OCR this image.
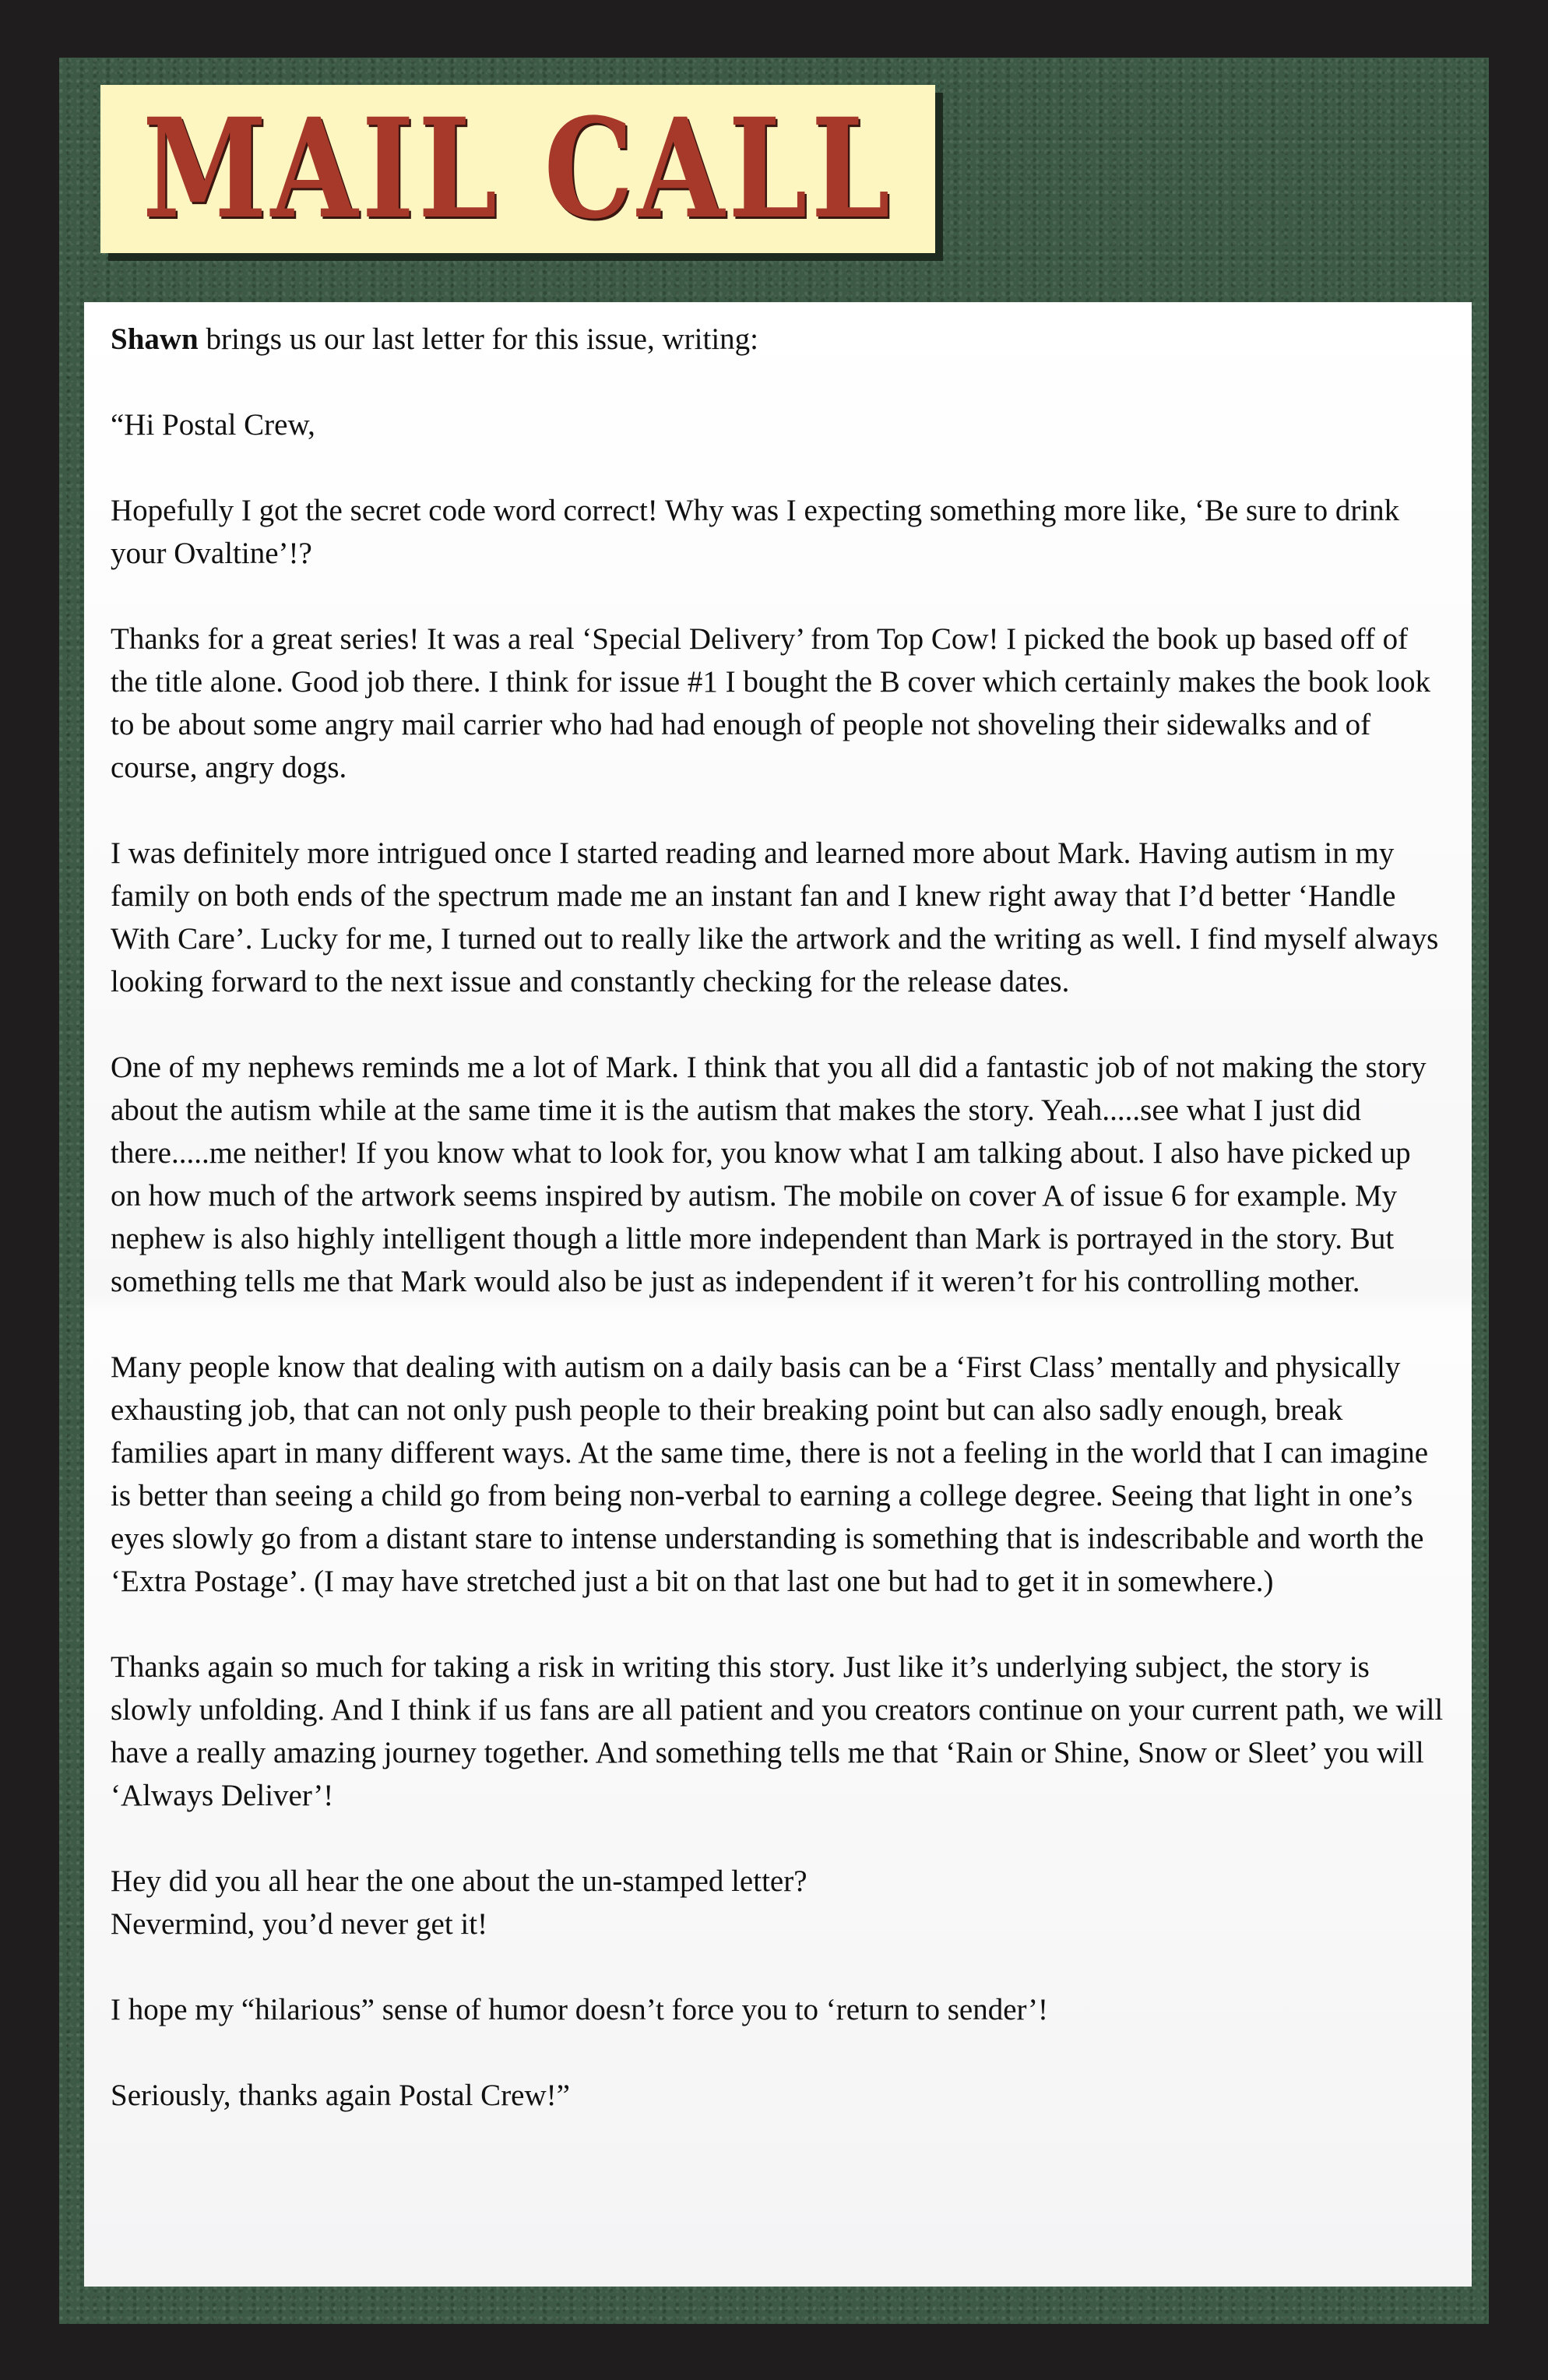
MAIL CALL

Shawn brings us our last letter for this issue, writing:

“Hi Postal Crew,

Hopefully I got the secret code word correct! Why was I expecting something more like, ‘Be sure to drink your Ovaltine’!?

Thanks for a great series! It was a real ‘Special Delivery’ from Top Cow! I picked the book up based off of the title alone. Good job there. I think for issue #1 I bought the B cover which certainly makes the book look to be about some angry mail carrier who had had enough of people not shoveling their sidewalks and of course, angry dogs.

I was definitely more intrigued once I started reading and learned more about Mark. Having autism in my family on both ends of the spectrum made me an instant fan and I knew right away that I’d better ‘Handle With Care’. Lucky for me, I turned out to really like the artwork and the writing as well. I find myself always looking forward to the next issue and constantly checking for the release dates.

One of my nephews reminds me a lot of Mark. I think that you all did a fantastic job of not making the story about the autism while at the same time it is the autism that makes the story. Yeah.....see what I just did there.....me neither! If you know what to look for, you know what I am talking about. I also have picked up on how much of the artwork seems inspired by autism. The mobile on cover A of issue 6 for example. My nephew is also highly intelligent though a little more independent than Mark is portrayed in the story. But something tells me that Mark would also be just as independent if it weren’t for his controlling mother.

Many people know that dealing with autism on a daily basis can be a ‘First Class’ mentally and physically exhausting job, that can not only push people to their breaking point but can also sadly enough, break families apart in many different ways. At the same time, there is not a feeling in the world that I can imagine is better than seeing a child go from being non-verbal to earning a college degree. Seeing that light in one’s eyes slowly go from a distant stare to intense understanding is something that is indescribable and worth the ‘Extra Postage’. (I may have stretched just a bit on that last one but had to get it in somewhere.)

Thanks again so much for taking a risk in writing this story. Just like it’s underlying subject, the story is slowly unfolding. And I think if us fans are all patient and you creators continue on your current path, we will have a really amazing journey together. And something tells me that ‘Rain or Shine, Snow or Sleet’ you will ‘Always Deliver’!

Hey did you all hear the one about the un-stamped letter?

Nevermind, you’d never get it!

I hope my “hilarious” sense of humor doesn’t force you to ‘return to sender’!

Seriously, thanks again Postal Crew!”
